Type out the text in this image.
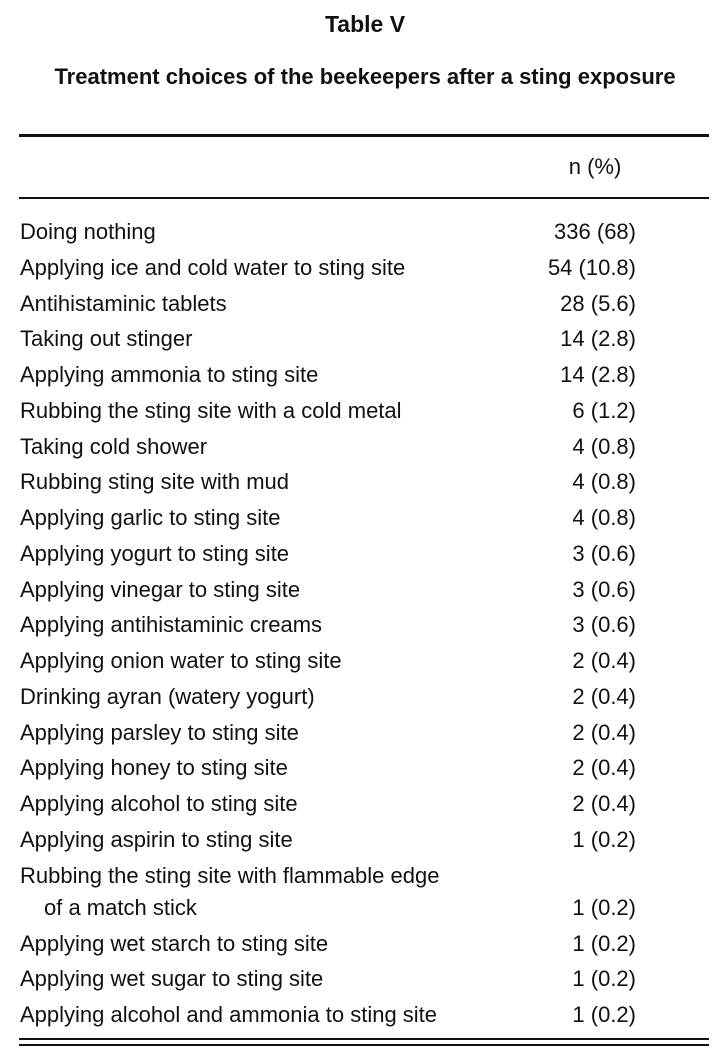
Table V
Treatment choices of the beekeepers after a sting exposure
n (%)
Doing nothing	336 (68)
Applying ice and cold water to sting site	54 (10.8)
Antihistaminic tablets	28 (5.6)
Taking out stinger	14 (2.8)
Applying ammonia to sting site	14 (2.8)
Rubbing the sting site with a cold metal	6 (1.2)
Taking cold shower	4 (0.8)
Rubbing sting site with mud	4 (0.8)
Applying garlic to sting site	4 (0.8)
Applying yogurt to sting site	3 (0.6)
Applying vinegar to sting site	3 (0.6)
Applying antihistaminic creams	3 (0.6)
Applying onion water to sting site	2 (0.4)
Drinking ayran (watery yogurt)	2 (0.4)
Applying parsley to sting site	2 (0.4)
Applying honey to sting site	2 (0.4)
Applying alcohol to sting site	2 (0.4)
Applying aspirin to sting site	1 (0.2)
Rubbing the sting site with flammable edge
of a match stick	1 (0.2)
Applying wet starch to sting site	1 (0.2)
Applying wet sugar to sting site	1 (0.2)
Applying alcohol and ammonia to sting site	1 (0.2)
